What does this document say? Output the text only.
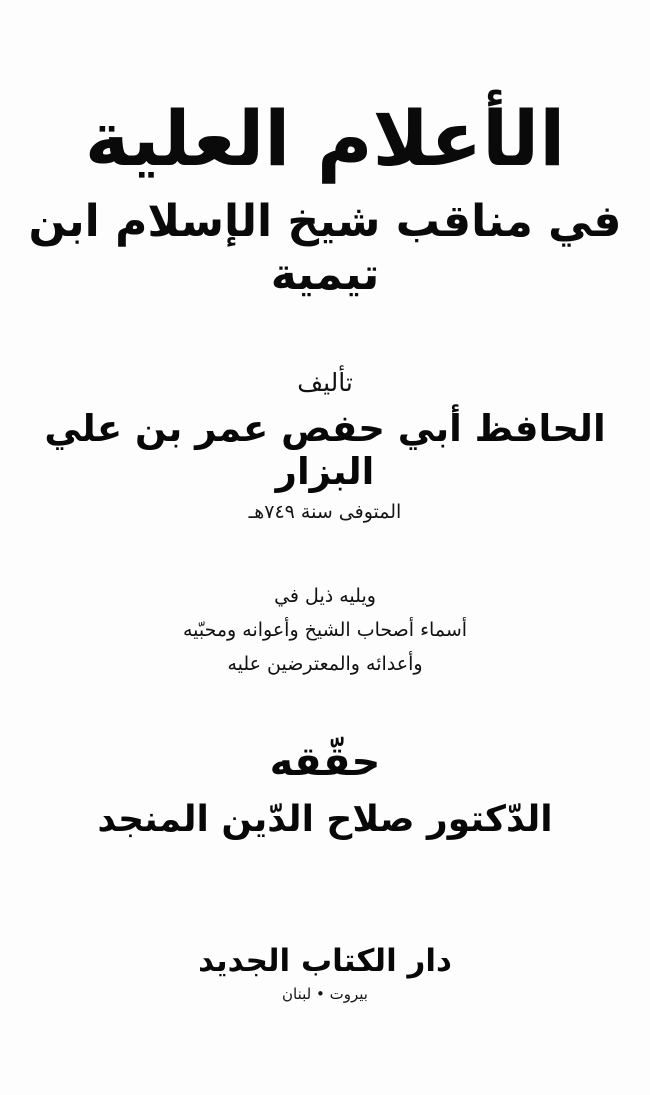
الأعلام العلية
في مناقب شيخ الإسلام ابن تيمية
تأليف
الحافظ أبي حفص عمر بن علي البزار
المتوفى سنة ٧٤٩هـ
ويليه ذيل في
أسماء أصحاب الشيخ وأعوانه ومحبّيه
وأعدائه والمعترضين عليه
حقّقه
الدّكتور صلاح الدّين المنجد
دار الكتاب الجديد
بيروت • لبنان
